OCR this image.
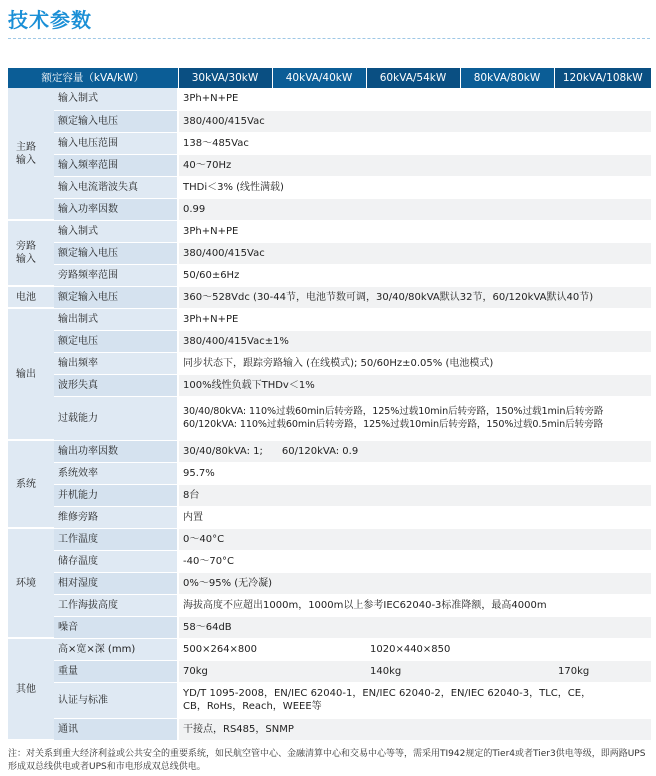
技术参数
额定容量（kVA/kW）		30kVA/30kW	40kVA/40kW	60kVA/54kW	80kVA/80kW	120kVA/108kW
主路
输入	输入制式	3Ph+N+PE				
	额定输入电压	380/400/415Vac				
	输入电压范围	138～485Vac				
	输入频率范围	40～70Hz				
	输入电流谐波失真	THDi＜3% (线性满载)				
	输入功率因数	0.99				
旁路
输入	输入制式	3Ph+N+PE				
	额定输入电压	380/400/415Vac				
	旁路频率范围	50/60±6Hz				
电池	额定输入电压	360～528Vdc (30-44节，电池节数可调，30/40/80kVA默认32节，60/120kVA默认40节)				
输出	输出制式	3Ph+N+PE				
	额定电压	380/400/415Vac±1%				
	输出频率	同步状态下，跟踪旁路输入 (在线模式); 50/60Hz±0.05% (电池模式)				
	波形失真	100%线性负载下THDv＜1%				
	过载能力	30/40/80kVA: 110%过载60min后转旁路，125%过载10min后转旁路，150%过载1min后转旁路
60/120kVA: 110%过载60min后转旁路，125%过载10min后转旁路，150%过载0.5min后转旁路				

系统	输出功率因数	30/40/80kVA: 1;      60/120kVA: 0.9				
	系统效率	95.7%				
	并机能力	8台				
	维修旁路	内置				
环境	工作温度	0～40°C				
	储存温度	-40～70°C				
	相对湿度	0%～95% (无冷凝)				
	工作海拔高度	海拔高度不应超出1000m，1000m以上参考IEC62040-3标准降额，最高4000m				
	噪音	58～64dB				
其他	高×宽×深 (mm)	500×264×800		1020×440×850		
	重量	70kg		140kg		170kg
	认证与标准	YD/T 1095-2008，EN/IEC 62040-1，EN/IEC 62040-2，EN/IEC 62040-3，TLC，CE，CB，RoHs，Reach，WEEE等				
	通讯	干接点，RS485，SNMP				
注：对关系到重大经济利益或公共安全的重要系统，如民航空管中心、金融清算中心和交易中心等等，需采用TI942规定的Tier4或者Tier3供电等级，即两路UPS形成双总线供电或者UPS和市电形成双总线供电。
